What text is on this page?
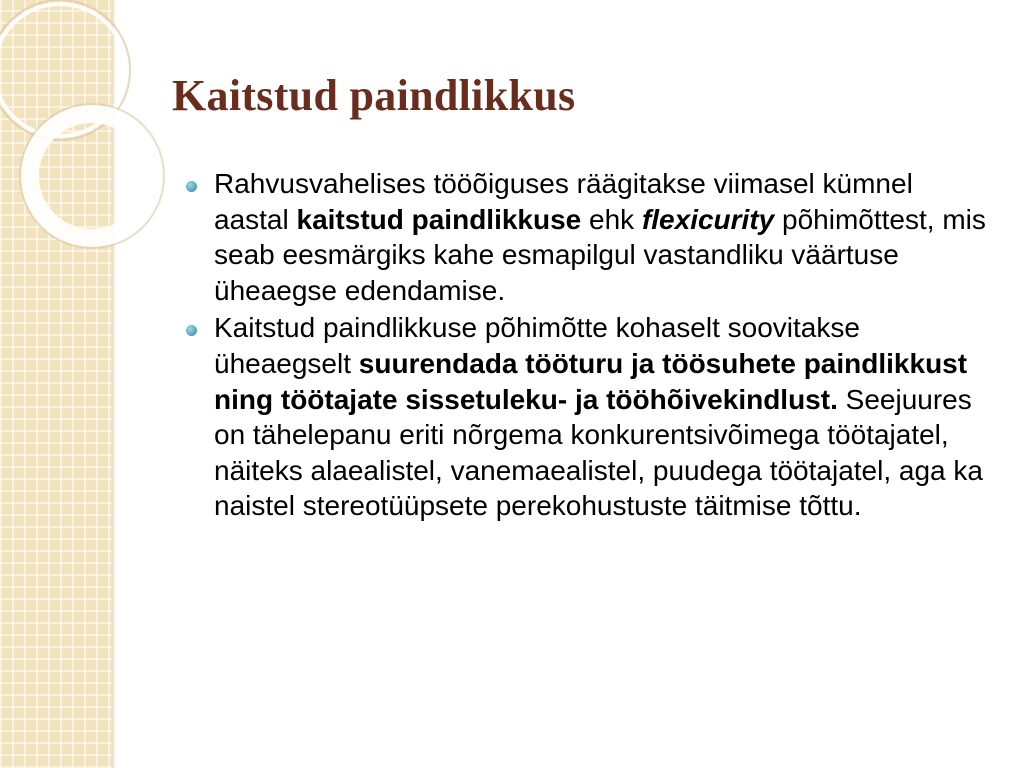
Kaitstud paindlikkus
Rahvusvahelises tööõiguses räägitakse viimasel kümnel aastal kaitstud paindlikkuse ehk flexicurity põhimõttest, mis seab eesmärgiks kahe esmapilgul vastandliku väärtuse üheaegse edendamise.
Kaitstud paindlikkuse põhimõtte kohaselt soovitakse üheaegselt suurendada tööturu ja töösuhete paindlikkust ning töötajate sissetuleku- ja tööhõivekindlust. Seejuures on tähelepanu eriti nõrgema konkurentsivõimega töötajatel, näiteks alaealistel, vanemaealistel, puudega töötajatel, aga ka naistel stereotüüpsete perekohustuste täitmise tõttu.
